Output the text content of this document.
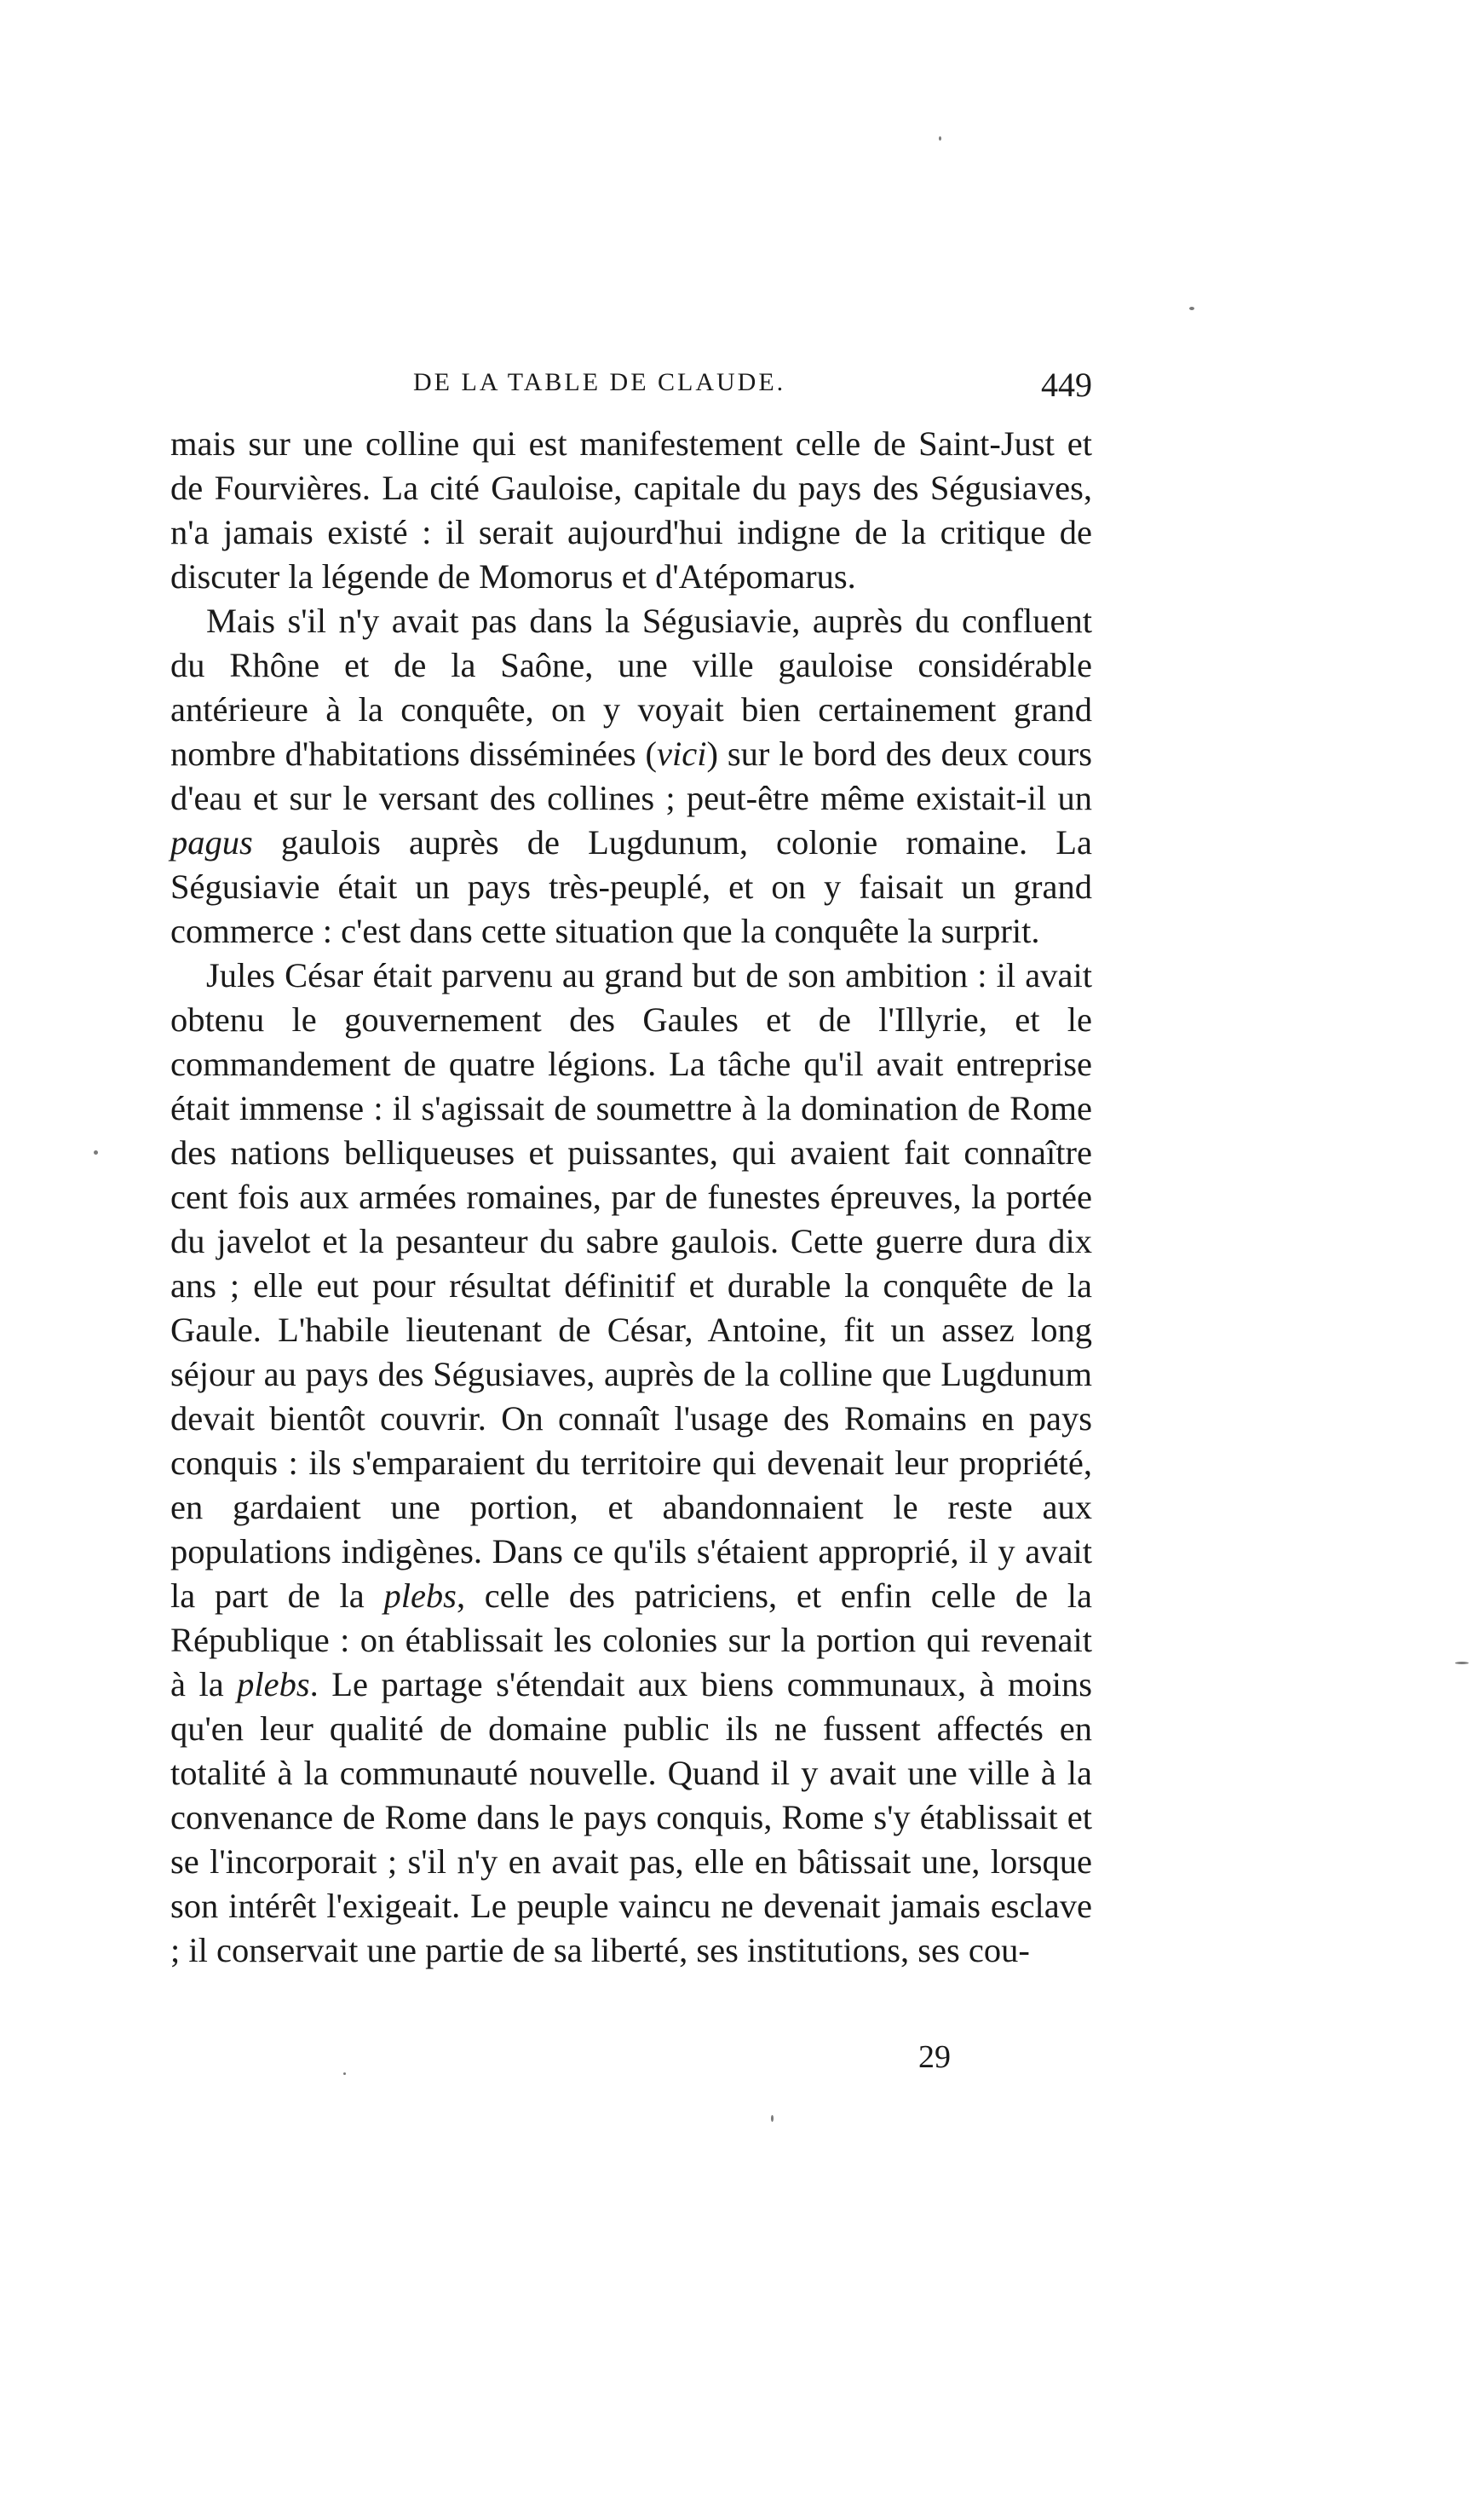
DE LA TABLE DE CLAUDE.	449

mais sur une colline qui est manifestement celle de Saint-Just et de Fourvières. La cité Gauloise, capitale du pays des Ségusiaves, n'a jamais existé : il serait aujourd'hui indigne de la critique de discuter la légende de Momorus et d'Atépomarus.

Mais s'il n'y avait pas dans la Ségusiavie, auprès du confluent du Rhône et de la Saône, une ville gauloise considérable antérieure à la conquête, on y voyait bien certainement grand nombre d'habitations disséminées (vici) sur le bord des deux cours d'eau et sur le versant des collines ; peut-être même existait-il un pagus gaulois auprès de Lugdunum, colonie romaine. La Ségusiavie était un pays très-peuplé, et on y faisait un grand commerce : c'est dans cette situation que la conquête la surprit.

Jules César était parvenu au grand but de son ambition : il avait obtenu le gouvernement des Gaules et de l'Illyrie, et le commandement de quatre légions. La tâche qu'il avait entreprise était immense : il s'agissait de soumettre à la domination de Rome des nations belliqueuses et puissantes, qui avaient fait connaître cent fois aux armées romaines, par de funestes épreuves, la portée du javelot et la pesanteur du sabre gaulois. Cette guerre dura dix ans ; elle eut pour résultat définitif et durable la conquête de la Gaule. L'habile lieutenant de César, Antoine, fit un assez long séjour au pays des Ségusiaves, auprès de la colline que Lugdunum devait bientôt couvrir. On connaît l'usage des Romains en pays conquis : ils s'emparaient du territoire qui devenait leur propriété, en gardaient une portion, et abandonnaient le reste aux populations indigènes. Dans ce qu'ils s'étaient approprié, il y avait la part de la plebs, celle des patriciens, et enfin celle de la République : on établissait les colonies sur la portion qui revenait à la plebs. Le partage s'étendait aux biens communaux, à moins qu'en leur qualité de domaine public ils ne fussent affectés en totalité à la communauté nouvelle. Quand il y avait une ville à la convenance de Rome dans le pays conquis, Rome s'y établissait et se l'incorporait ; s'il n'y en avait pas, elle en bâtissait une, lorsque son intérêt l'exigeait. Le peuple vaincu ne devenait jamais esclave ; il conservait une partie de sa liberté, ses institutions, ses cou-

29
